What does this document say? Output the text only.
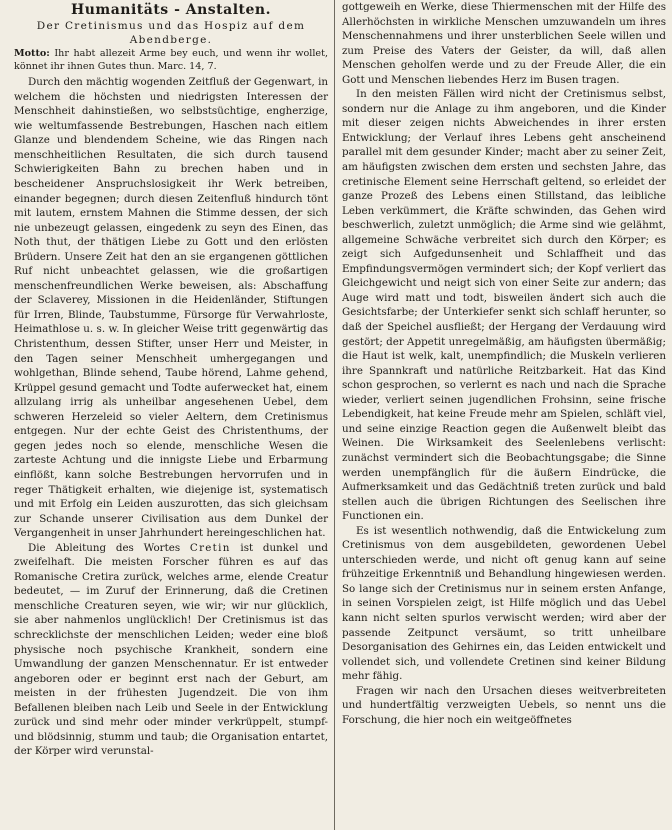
Humanitäts - Anstalten.
Der Cretinismus und das Hospiz auf dem
Abendberge.
Motto: Ihr habt allezeit Arme bey euch, und wenn ihr wollet, könnet ihr ihnen Gutes thun. Marc. 14, 7.

Durch den mächtig wogenden Zeitfluß der Gegenwart, in welchem die höchsten und niedrigsten Interessen der Menschheit dahinstießen, wo selbstsüchtige, engherzige, wie weltumfassende Bestrebungen, Haschen nach eitlem Glanze und blendendem Scheine, wie das Ringen nach menschheitlichen Resultaten, die sich durch tausend Schwierigkeiten Bahn zu brechen haben und in bescheidener Anspruchslosigkeit ihr Werk betreiben, einander begegnen; durch diesen Zeitenfluß hindurch tönt mit lautem, ernstem Mahnen die Stimme dessen, der sich nie unbezeugt gelassen, eingedenk zu seyn des Einen, das Noth thut, der thätigen Liebe zu Gott und den erlösten Brüdern. Unsere Zeit hat den an sie ergangenen göttlichen Ruf nicht unbeachtet gelassen, wie die großartigen menschenfreundlichen Werke beweisen, als: Abschaffung der Sclaverey, Missionen in die Heidenländer, Stiftungen für Irren, Blinde, Taubstumme, Fürsorge für Verwahrloste, Heimathlose u. s. w. In gleicher Weise tritt gegenwärtig das Christenthum, dessen Stifter, unser Herr und Meister, in den Tagen seiner Menschheit umhergegangen und wohlgethan, Blinde sehend, Taube hörend, Lahme gehend, Krüppel gesund gemacht und Todte auferwecket hat, einem allzulang irrig als unheilbar angesehenen Uebel, dem schweren Herzeleid so vieler Aeltern, dem Cretinismus entgegen. Nur der echte Geist des Christenthums, der gegen jedes noch so elende, menschliche Wesen die zarteste Achtung und die innigste Liebe und Erbarmung einflößt, kann solche Bestrebungen hervorrufen und in reger Thätigkeit erhalten, wie diejenige ist, systematisch und mit Erfolg ein Leiden auszurotten, das sich gleichsam zur Schande unserer Civilisation aus dem Dunkel der Vergangenheit in unser Jahrhundert hereingeschlichen hat.

Die Ableitung des Wortes Cretin ist dunkel und zweifelhaft. Die meisten Forscher führen es auf das Romanische Cretira zurück, welches arme, elende Creatur bedeutet, — im Zuruf der Erinnerung, daß die Cretinen menschliche Creaturen seyen, wie wir; wir nur glücklich, sie aber nahmenlos unglücklich! Der Cretinismus ist das schrecklichste der menschlichen Leiden; weder eine bloß physische noch psychische Krankheit, sondern eine Umwandlung der ganzen Menschennatur. Er ist entweder angeboren oder er beginnt erst nach der Geburt, am meisten in der frühesten Jugendzeit. Die von ihm Befallenen bleiben nach Leib und Seele in der Entwicklung zurück und sind mehr oder minder verkrüppelt, stumpf- und blödsinnig, stumm und taub; die Organisation entartet, der Körper wird verunstal-

gottgeweih en Werke, diese Thiermenschen mit der Hilfe des Allerhöchsten in wirkliche Menschen umzuwandeln um ihres Menschennahmens und ihrer unsterblichen Seele willen und zum Preise des Vaters der Geister, da will, daß allen Menschen geholfen werde und zu der Freude Aller, die ein Gott und Menschen liebendes Herz im Busen tragen.

In den meisten Fällen wird nicht der Cretinismus selbst, sondern nur die Anlage zu ihm angeboren, und die Kinder mit dieser zeigen nichts Abweichendes in ihrer ersten Entwicklung; der Verlauf ihres Lebens geht anscheinend parallel mit dem gesunder Kinder; macht aber zu seiner Zeit, am häufigsten zwischen dem ersten und sechsten Jahre, das cretinische Element seine Herrschaft geltend, so erleidet der ganze Prozeß des Lebens einen Stillstand, das leibliche Leben verkümmert, die Kräfte schwinden, das Gehen wird beschwerlich, zuletzt unmöglich; die Arme sind wie gelähmt, allgemeine Schwäche verbreitet sich durch den Körper; es zeigt sich Aufgedunsenheit und Schlaffheit und das Empfindungsvermögen vermindert sich; der Kopf verliert das Gleichgewicht und neigt sich von einer Seite zur andern; das Auge wird matt und todt, bisweilen ändert sich auch die Gesichtsfarbe; der Unterkiefer senkt sich schlaff herunter, so daß der Speichel ausfließt; der Hergang der Verdauung wird gestört; der Appetit unregelmäßig, am häufigsten übermäßig; die Haut ist welk, kalt, unempfindlich; die Muskeln verlieren ihre Spannkraft und natürliche Reitzbarkeit. Hat das Kind schon gesprochen, so verlernt es nach und nach die Sprache wieder, verliert seinen jugendlichen Frohsinn, seine frische Lebendigkeit, hat keine Freude mehr am Spielen, schläft viel, und seine einzige Reaction gegen die Außenwelt bleibt das Weinen. Die Wirksamkeit des Seelenlebens verlischt: zunächst vermindert sich die Beobachtungsgabe; die Sinne werden unempfänglich für die äußern Eindrücke, die Aufmerksamkeit und das Gedächtniß treten zurück und bald stellen auch die übrigen Richtungen des Seelischen ihre Functionen ein.

Es ist wesentlich nothwendig, daß die Entwickelung zum Cretinismus von dem ausgebildeten, gewordenen Uebel unterschieden werde, und nicht oft genug kann auf seine frühzeitige Erkenntniß und Behandlung hingewiesen werden. So lange sich der Cretinismus nur in seinem ersten Anfange, in seinen Vorspielen zeigt, ist Hilfe möglich und das Uebel kann nicht selten spurlos verwischt werden; wird aber der passende Zeitpunct versäumt, so tritt unheilbare Desorganisation des Gehirnes ein, das Leiden entwickelt und vollendet sich, und vollendete Cretinen sind keiner Bildung mehr fähig.

Fragen wir nach den Ursachen dieses weitverbreiteten und hundertfältig verzweigten Uebels, so nennt uns die Forschung, die hier noch ein weitgeöffnetes
